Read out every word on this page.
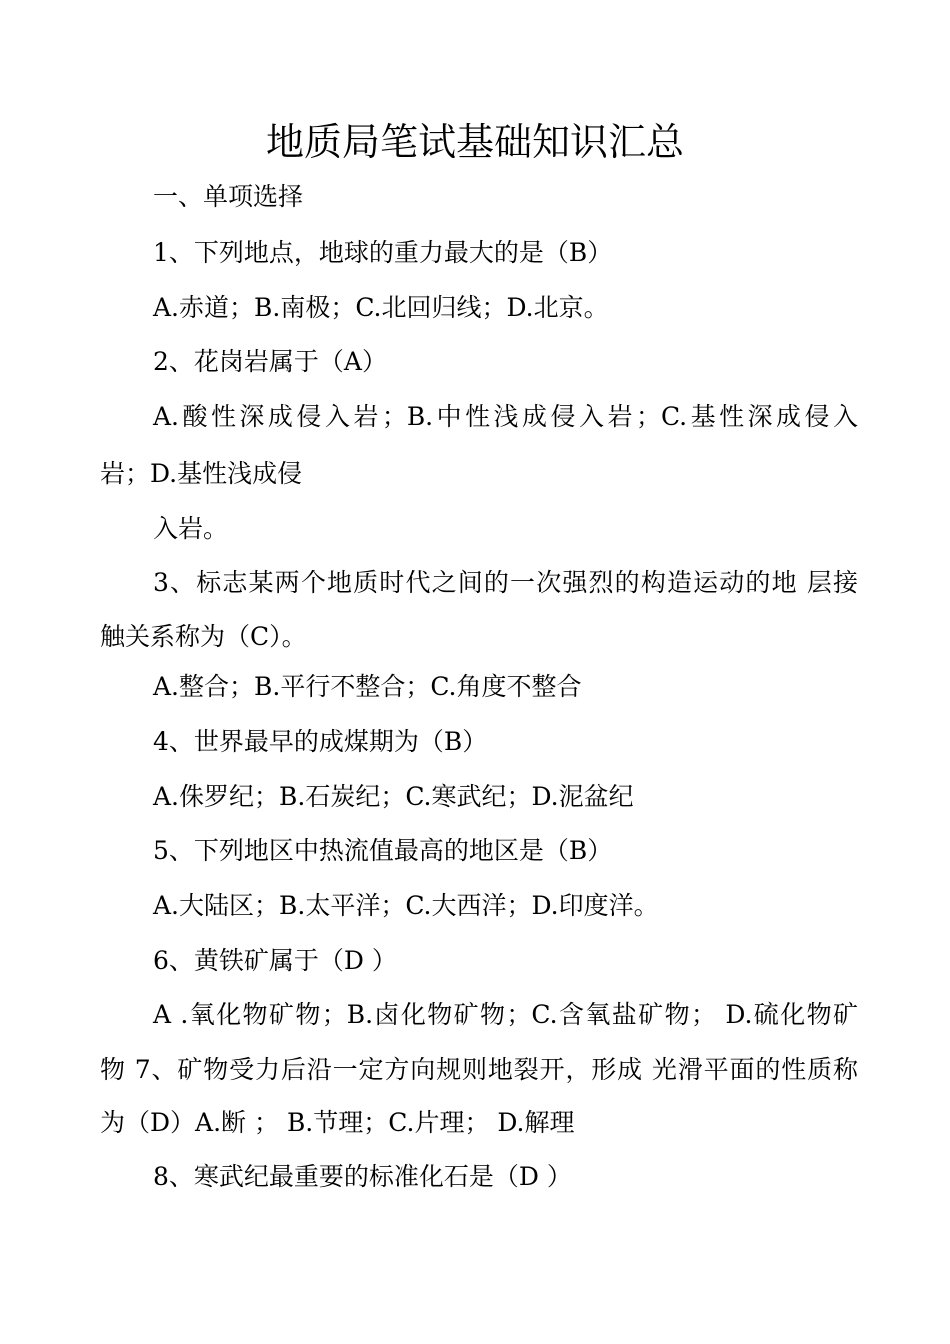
地质局笔试基础知识汇总
一、单项选择
1、下列地点，地球的重力最大的是（B）
A.赤道；B.南极；C.北回归线；D.北京。
2、花岗岩属于（A）
A.酸性深成侵入岩；B.中性浅成侵入岩；C.基性深成侵入
岩；D.基性浅成侵
入岩。
3、标志某两个地质时代之间的一次强烈的构造运动的地 层接
触关系称为（C）。
A.整合；B.平行不整合；C.角度不整合
4、世界最早的成煤期为（B）
A.侏罗纪；B.石炭纪；C.寒武纪；D.泥盆纪
5、下列地区中热流值最高的地区是（B）
A.大陆区；B.太平洋；C.大西洋；D.印度洋。
6、黄铁矿属于（D ）
A .氧化物矿物；B.卤化物矿物；C.含氧盐矿物； D.硫化物矿
物 7、矿物受力后沿一定方向规则地裂开，形成 光滑平面的性质称
为（D）A.断 ； B.节理；C.片理； D.解理
8、寒武纪最重要的标准化石是（D ）
